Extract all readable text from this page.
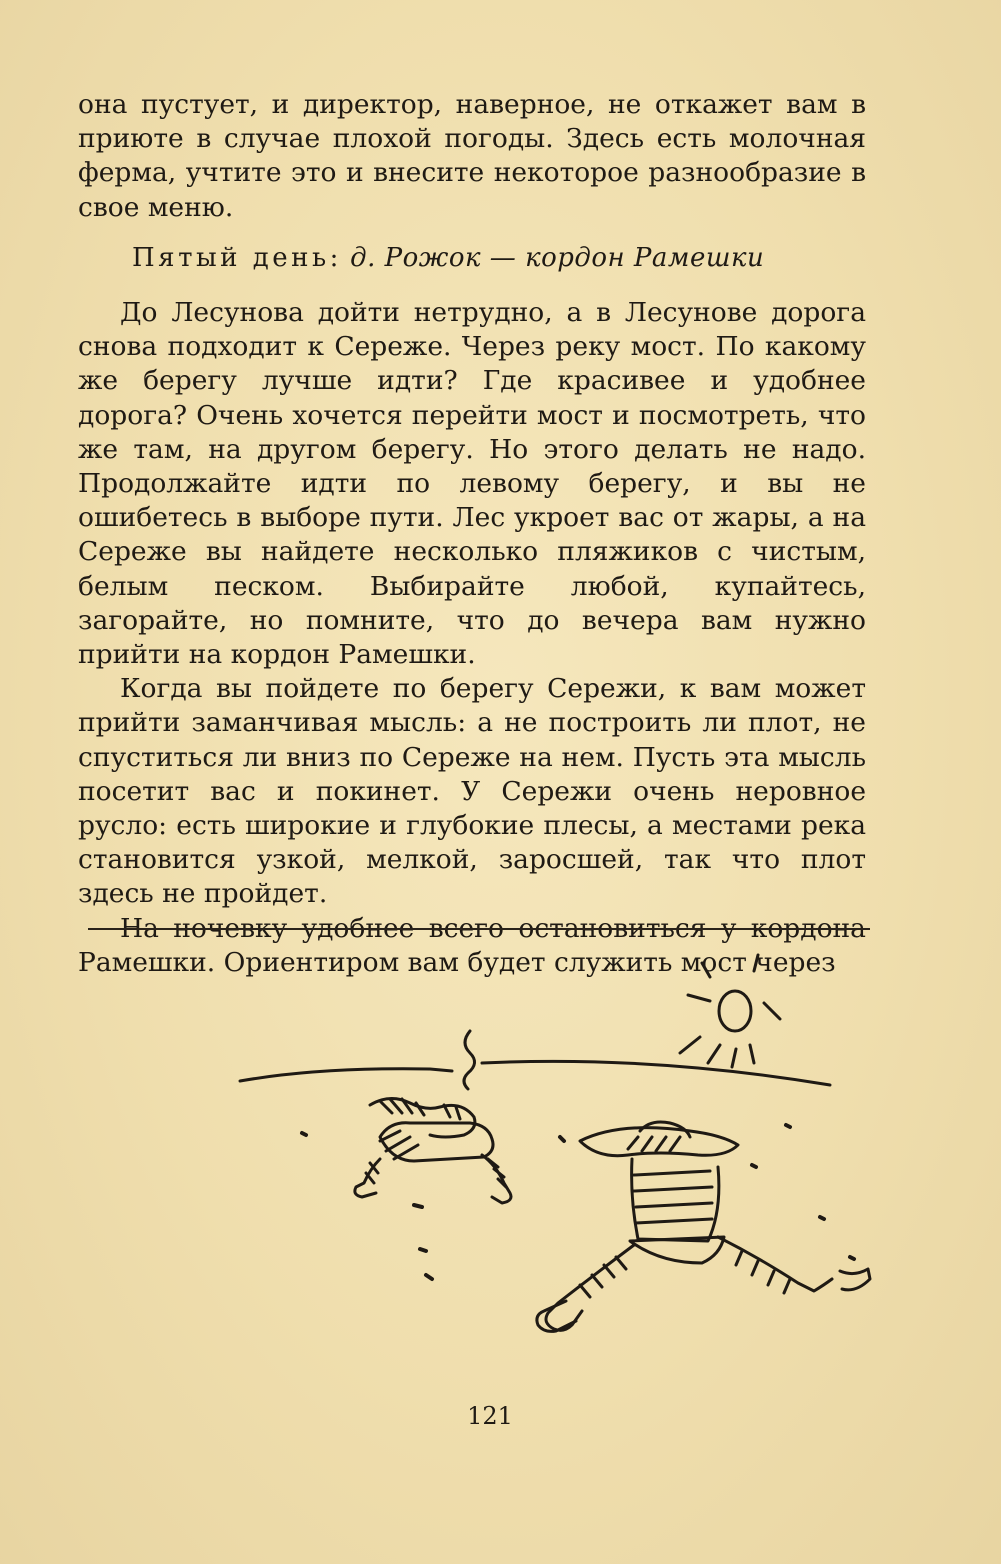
она пустует, и директор, наверное, не откажет вам в приюте в случае плохой погоды. Здесь есть молочная ферма, учтите это и внесите некоторое разнообразие в свое меню.

Пятый день: д. Рожок — кордон Рамешки

До Лесунова дойти нетрудно, а в Лесунове дорога снова подходит к Сереже. Через реку мост. По какому же берегу лучше идти? Где красивее и удобнее дорога? Очень хочется перейти мост и посмотреть, что же там, на другом берегу. Но этого делать не надо. Продолжайте идти по левому берегу, и вы не ошибетесь в выборе пути. Лес укроет вас от жары, а на Сереже вы найдете несколько пляжиков с чистым, белым песком. Выбирайте любой, купайтесь, загорайте, но помните, что до вечера вам нужно прийти на кордон Рамешки.

Когда вы пойдете по берегу Сережи, к вам может прийти заманчивая мысль: а не построить ли плот, не спуститься ли вниз по Сереже на нем. Пусть эта мысль посетит вас и покинет. У Сережи очень неровное русло: есть широкие и глубокие плесы, а местами река становится узкой, мелкой, заросшей, так что плот здесь не пройдет.

На ночевку удобнее всего остановиться у кордона Рамешки. Ориентиром вам будет служить мост через

121
